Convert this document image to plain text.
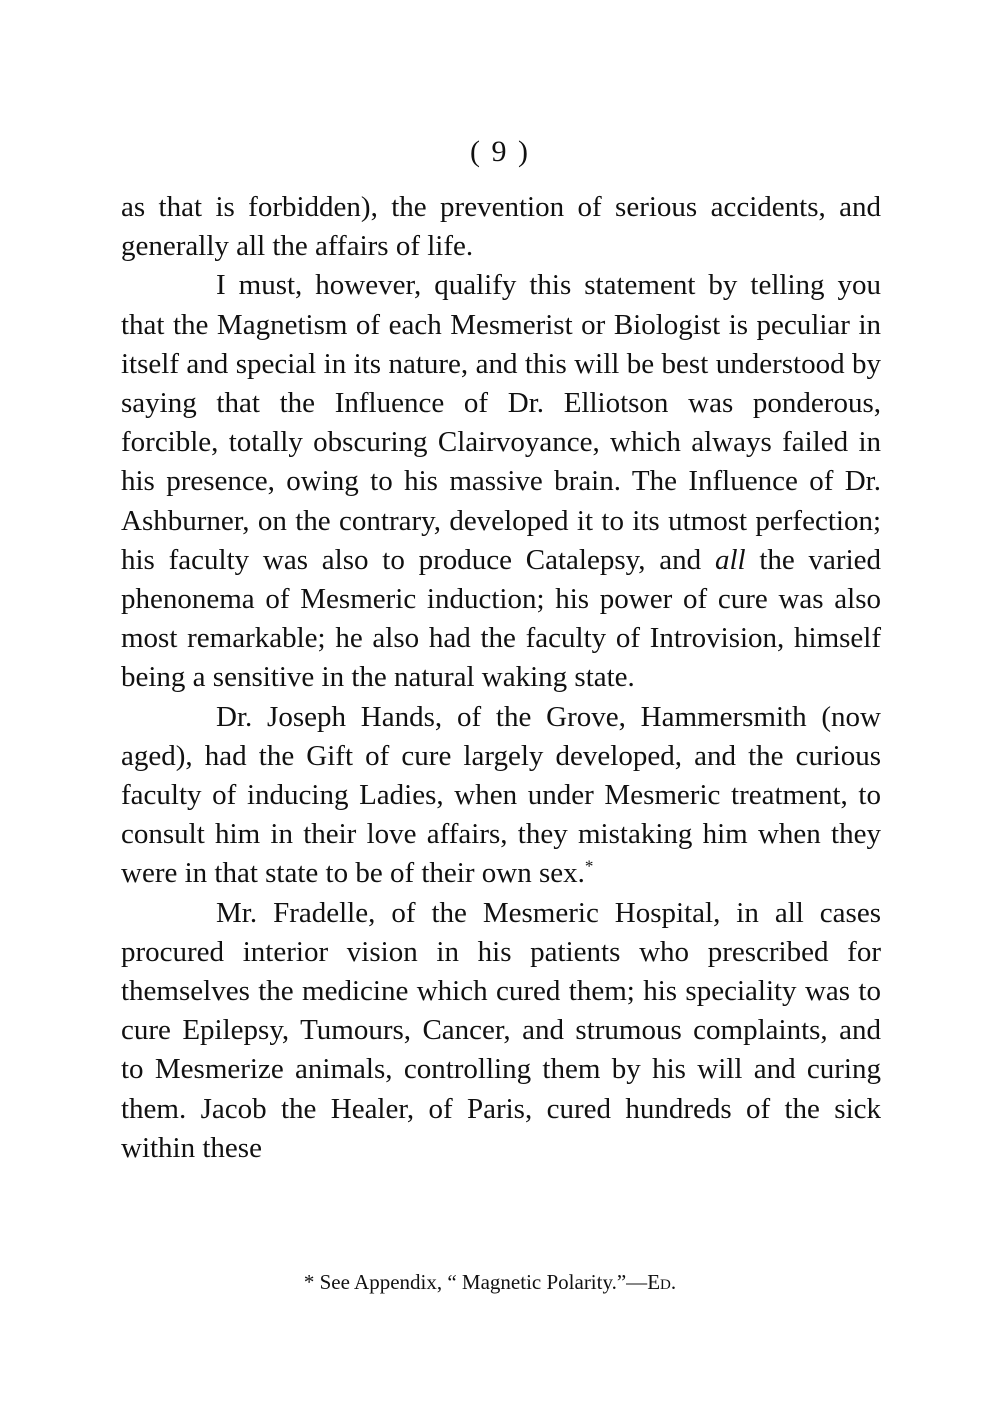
( 9 )

as that is forbidden), the prevention of serious accidents, and generally all the affairs of life.

I must, however, qualify this statement by telling you that the Magnetism of each Mesmerist or Biologist is peculiar in itself and special in its nature, and this will be best understood by saying that the Influence of Dr. Elliotson was ponderous, forcible, totally obscuring Clairvoyance, which always failed in his presence, owing to his massive brain. The Influence of Dr. Ashburner, on the contrary, developed it to its utmost perfection; his faculty was also to produce Catalepsy, and all the varied phenonema of Mesmeric induction; his power of cure was also most remarkable; he also had the faculty of Introvision, himself being a sensitive in the natural waking state.

Dr. Joseph Hands, of the Grove, Hammersmith (now aged), had the Gift of cure largely developed, and the curious faculty of inducing Ladies, when under Mesmeric treatment, to consult him in their love affairs, they mistaking him when they were in that state to be of their own sex.*

Mr. Fradelle, of the Mesmeric Hospital, in all cases procured interior vision in his patients who prescribed for themselves the medicine which cured them; his speciality was to cure Epilepsy, Tumours, Cancer, and strumous complaints, and to Mesmerize animals, controlling them by his will and curing them. Jacob the Healer, of Paris, cured hundreds of the sick within these

* See Appendix, “ Magnetic Polarity.”—Ed.
